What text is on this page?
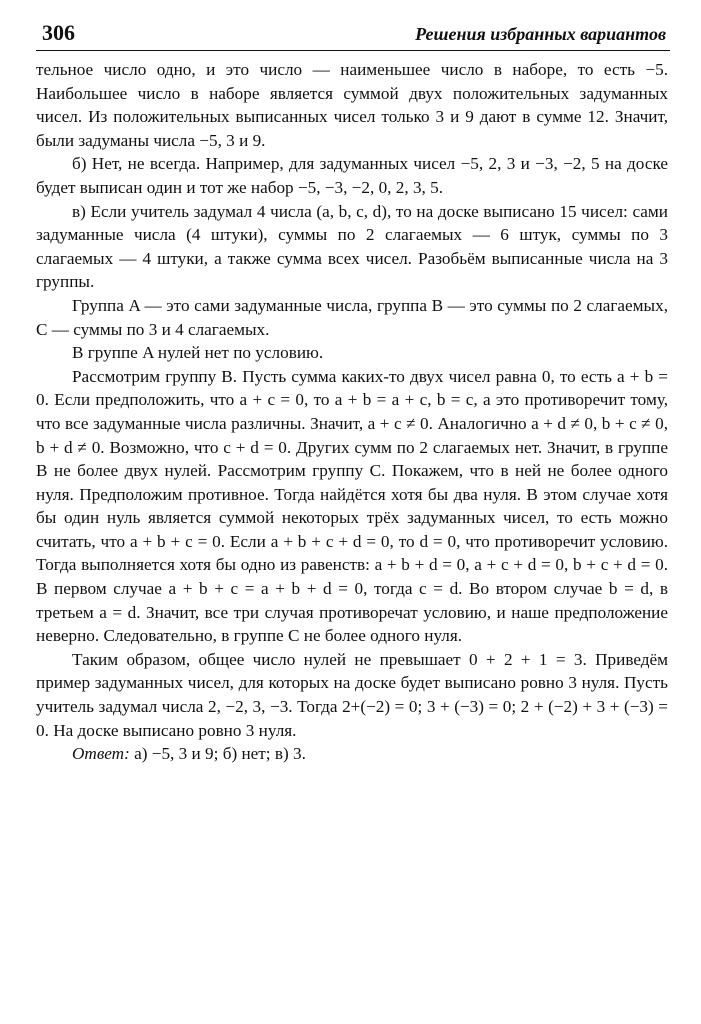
306	Решения избранных вариантов

тельное число одно, и это число — наименьшее число в наборе, то есть −5. Наибольшее число в наборе является суммой двух положительных задуманных чисел. Из положительных выписанных чисел только 3 и 9 дают в сумме 12. Значит, были задуманы числа −5, 3 и 9.

б) Нет, не всегда. Например, для задуманных чисел −5, 2, 3 и −3, −2, 5 на доске будет выписан один и тот же набор −5, −3, −2, 0, 2, 3, 5.

в) Если учитель задумал 4 числа (a, b, c, d), то на доске выписано 15 чисел: сами задуманные числа (4 штуки), суммы по 2 слагаемых — 6 штук, суммы по 3 слагаемых — 4 штуки, а также сумма всех чисел. Разобьём выписанные числа на 3 группы.

Группа A — это сами задуманные числа, группа B — это суммы по 2 слагаемых, C — суммы по 3 и 4 слагаемых.

В группе A нулей нет по условию.

Рассмотрим группу B. Пусть сумма каких-то двух чисел равна 0, то есть a + b = 0. Если предположить, что a + c = 0, то a + b = a + c, b = c, а это противоречит тому, что все задуманные числа различны. Значит, a + c ≠ 0. Аналогично a + d ≠ 0, b + c ≠ 0, b + d ≠ 0. Возможно, что c + d = 0. Других сумм по 2 слагаемых нет. Значит, в группе B не более двух нулей. Рассмотрим группу C. Покажем, что в ней не более одного нуля. Предположим противное. Тогда найдётся хотя бы два нуля. В этом случае хотя бы один нуль является суммой некоторых трёх задуманных чисел, то есть можно считать, что a + b + c = 0. Если a + b + c + d = 0, то d = 0, что противоречит условию. Тогда выполняется хотя бы одно из равенств: a + b + d = 0, a + c + d = 0, b + c + d = 0. В первом случае a + b + c = a + b + d = 0, тогда c = d. Во втором случае b = d, в третьем a = d. Значит, все три случая противоречат условию, и наше предположение неверно. Следовательно, в группе C не более одного нуля.

Таким образом, общее число нулей не превышает 0 + 2 + 1 = 3. Приведём пример задуманных чисел, для которых на доске будет выписано ровно 3 нуля. Пусть учитель задумал числа 2, −2, 3, −3. Тогда 2+(−2) = 0; 3 + (−3) = 0; 2 + (−2) + 3 + (−3) = 0. На доске выписано ровно 3 нуля.

Ответ: а) −5, 3 и 9; б) нет; в) 3.
